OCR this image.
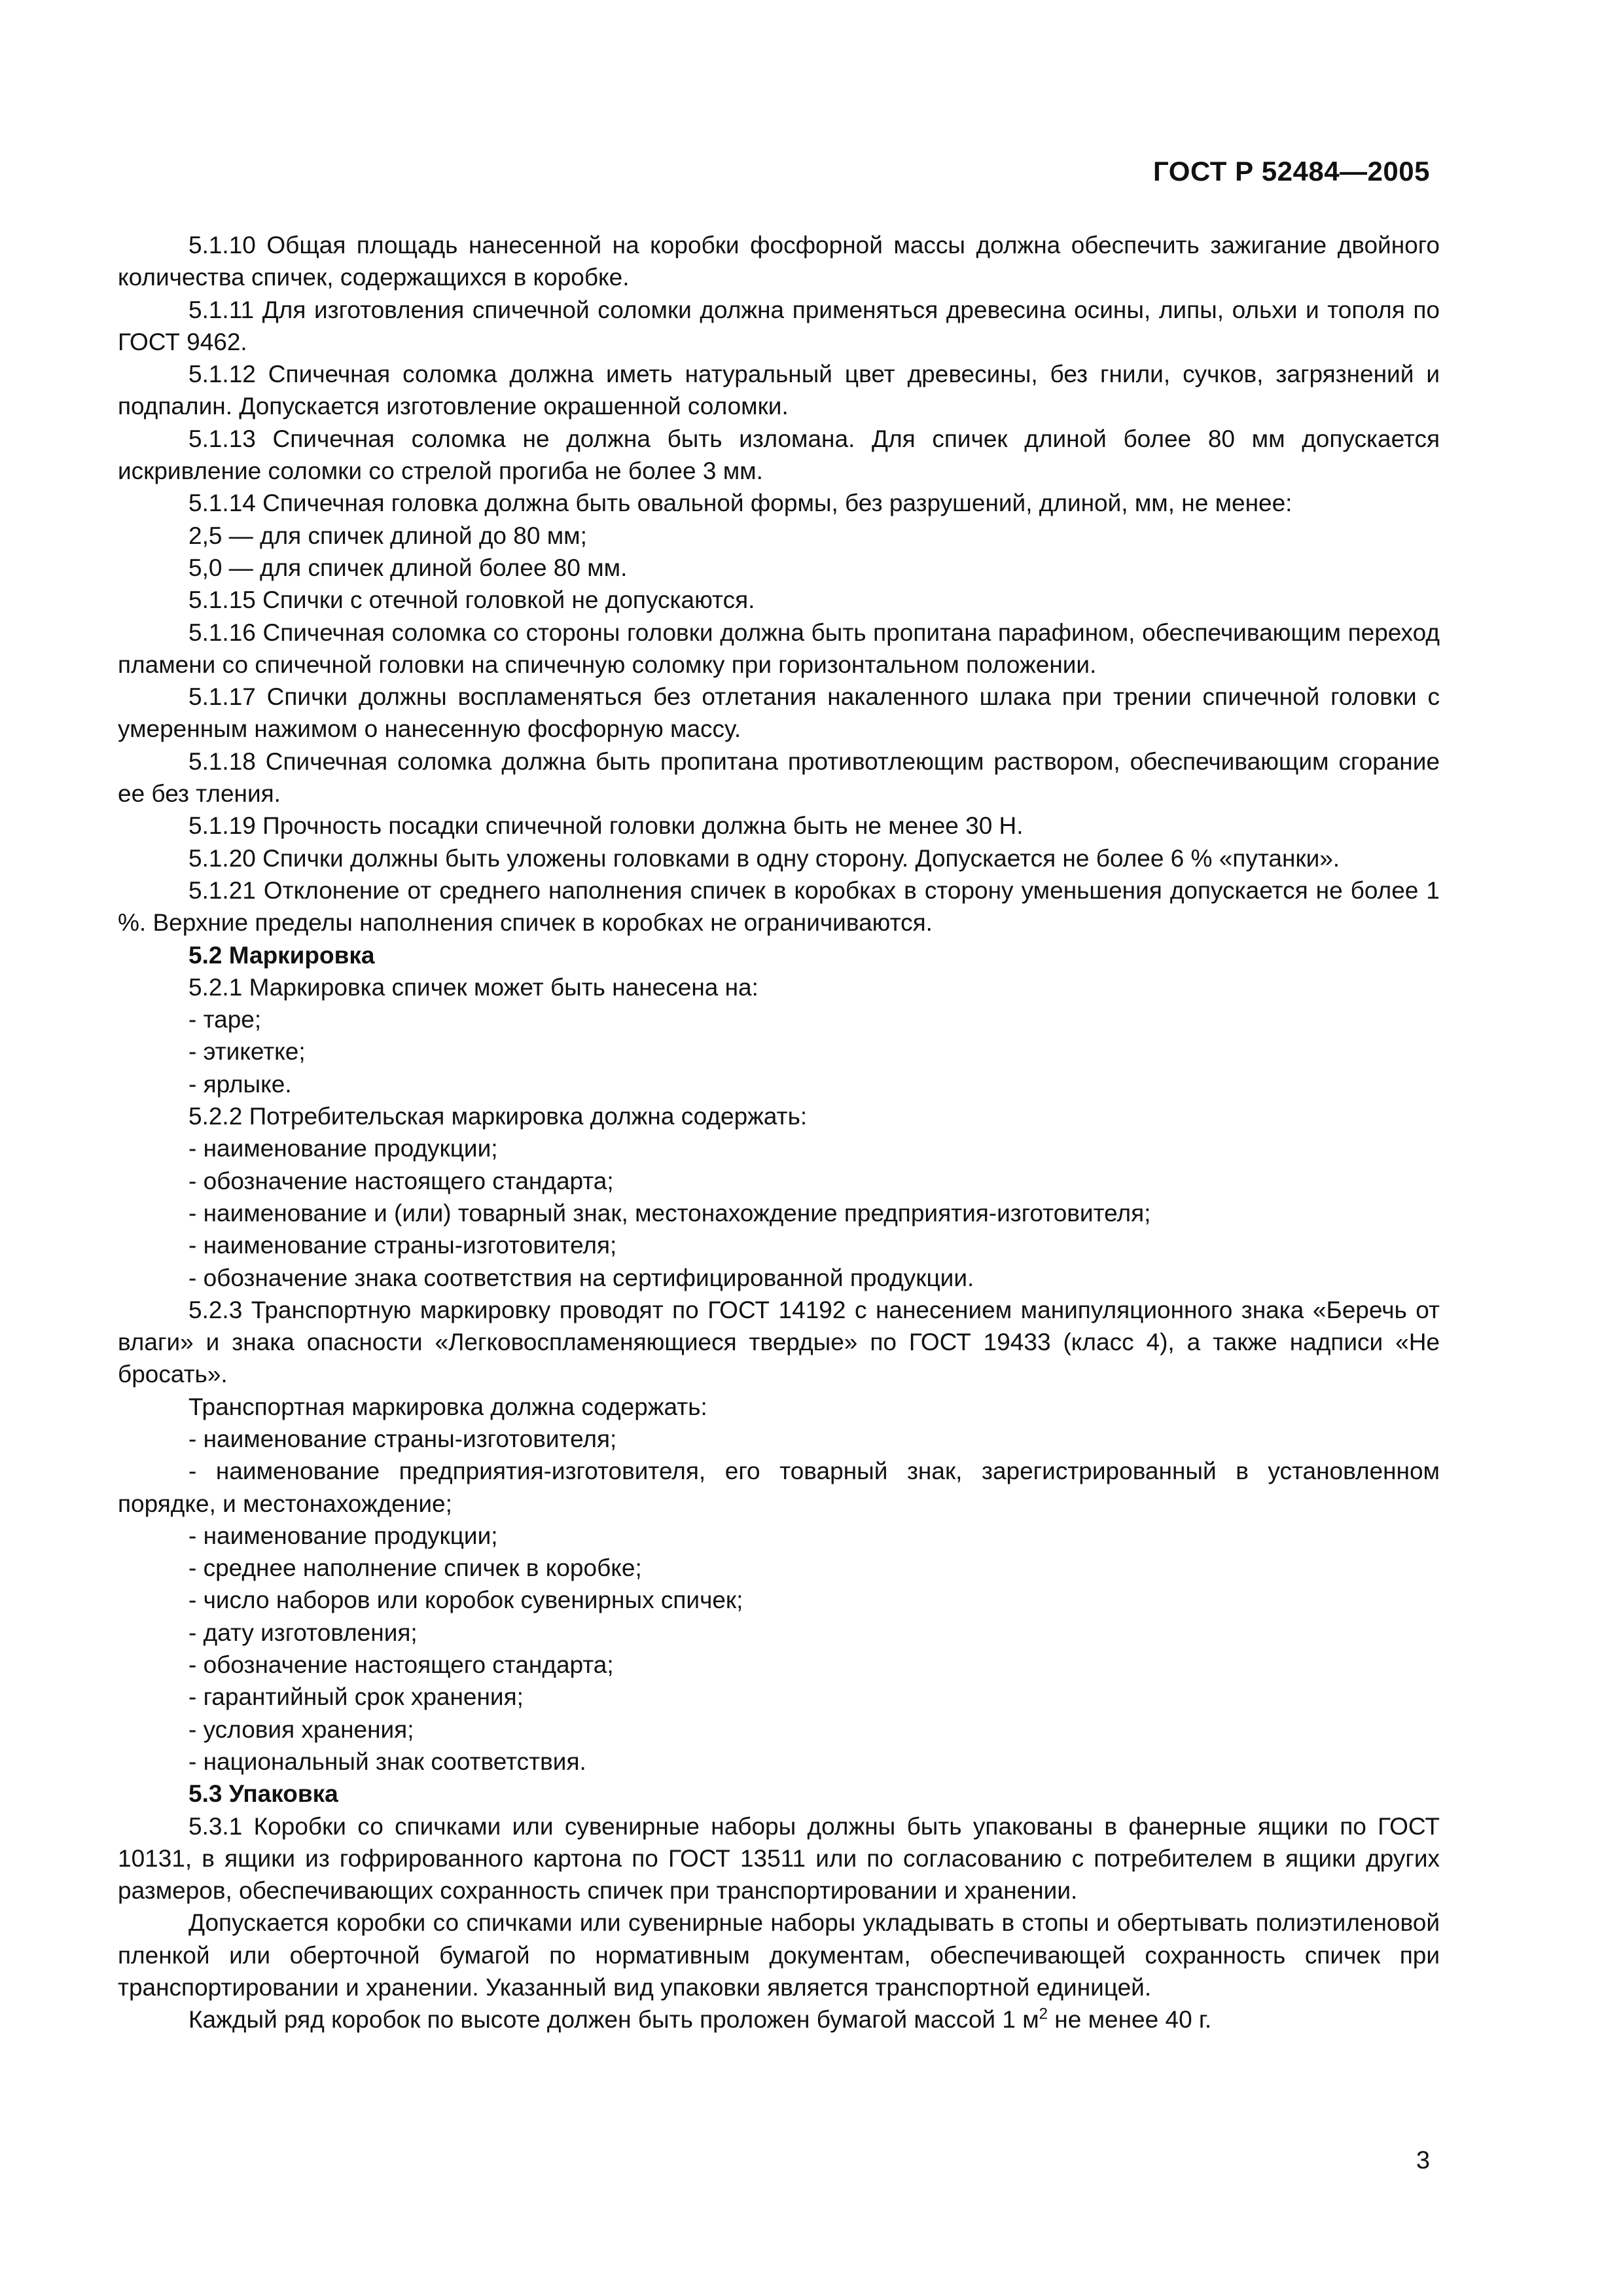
ГОСТ Р 52484—2005

5.1.10 Общая площадь нанесенной на коробки фосфорной массы должна обеспечить зажигание двойного количества спичек, содержащихся в коробке.

5.1.11 Для изготовления спичечной соломки должна применяться древесина осины, липы, ольхи и тополя по ГОСТ 9462.

5.1.12 Спичечная соломка должна иметь натуральный цвет древесины, без гнили, сучков, загрязнений и подпалин. Допускается изготовление окрашенной соломки.

5.1.13 Спичечная соломка не должна быть изломана. Для спичек длиной более 80 мм допускается искривление соломки со стрелой прогиба не более 3 мм.

5.1.14 Спичечная головка должна быть овальной формы, без разрушений, длиной, мм, не менее:

2,5 — для спичек длиной до 80 мм;

5,0 — для спичек длиной более 80 мм.

5.1.15 Спички с отечной головкой не допускаются.

5.1.16 Спичечная соломка со стороны головки должна быть пропитана парафином, обеспечивающим переход пламени со спичечной головки на спичечную соломку при горизонтальном положении.

5.1.17 Спички должны воспламеняться без отлетания накаленного шлака при трении спичечной головки с умеренным нажимом о нанесенную фосфорную массу.

5.1.18 Спичечная соломка должна быть пропитана противотлеющим раствором, обеспечивающим сгорание ее без тления.

5.1.19 Прочность посадки спичечной головки должна быть не менее 30 Н.

5.1.20 Спички должны быть уложены головками в одну сторону. Допускается не более 6 % «путанки».

5.1.21 Отклонение от среднего наполнения спичек в коробках в сторону уменьшения допускается не более 1 %. Верхние пределы наполнения спичек в коробках не ограничиваются.

5.2 Маркировка

5.2.1 Маркировка спичек может быть нанесена на:

- таре;

- этикетке;

- ярлыке.

5.2.2 Потребительская маркировка должна содержать:

- наименование продукции;

- обозначение настоящего стандарта;

- наименование и (или) товарный знак, местонахождение предприятия-изготовителя;

- наименование страны-изготовителя;

- обозначение знака соответствия на сертифицированной продукции.

5.2.3 Транспортную маркировку проводят по ГОСТ 14192 с нанесением манипуляционного знака «Беречь от влаги» и знака опасности «Легковоспламеняющиеся твердые» по ГОСТ 19433 (класс 4), а также надписи «Не бросать».

Транспортная маркировка должна содержать:

- наименование страны-изготовителя;

- наименование предприятия-изготовителя, его товарный знак, зарегистрированный в установленном порядке, и местонахождение;

- наименование продукции;

- среднее наполнение спичек в коробке;

- число наборов или коробок сувенирных спичек;

- дату изготовления;

- обозначение настоящего стандарта;

- гарантийный срок хранения;

- условия хранения;

- национальный знак соответствия.

5.3 Упаковка

5.3.1 Коробки со спичками или сувенирные наборы должны быть упакованы в фанерные ящики по ГОСТ 10131, в ящики из гофрированного картона по ГОСТ 13511 или по согласованию с потребителем в ящики других размеров, обеспечивающих сохранность спичек при транспортировании и хранении.

Допускается коробки со спичками или сувенирные наборы укладывать в стопы и обертывать полиэтиленовой пленкой или оберточной бумагой по нормативным документам, обеспечивающей сохранность спичек при транспортировании и хранении. Указанный вид упаковки является транспортной единицей.

Каждый ряд коробок по высоте должен быть проложен бумагой массой 1 $м^2$ не менее 40 г.

3
